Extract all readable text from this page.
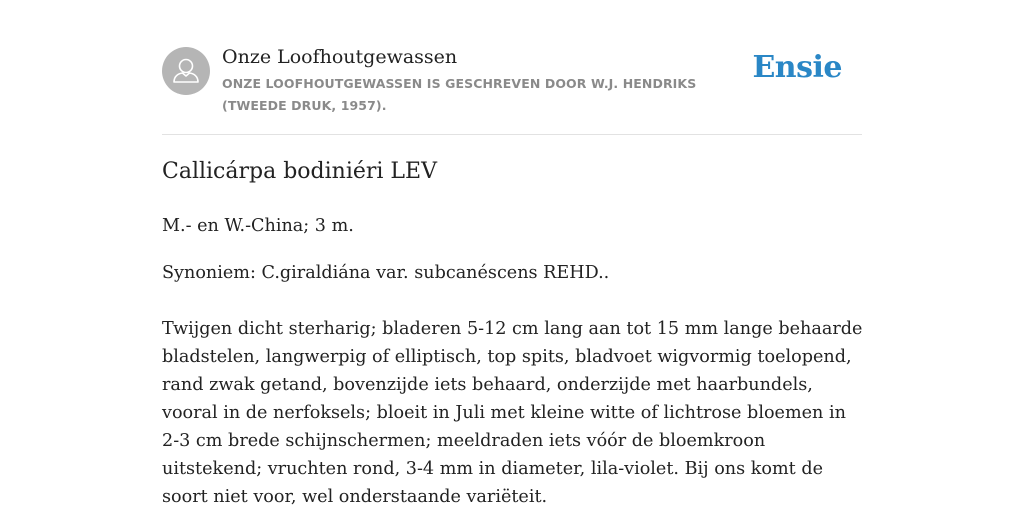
Onze Loofhoutgewassen
ONZE LOOFHOUTGEWASSEN IS GESCHREVEN DOOR W.J. HENDRIKS (TWEEDE DRUK, 1957).
Ensie
Callicárpa bodiniéri LEV
M.- en W.-China; 3 m.
Synoniem: C.giraldiána var. subcanéscens REHD..
Twijgen dicht sterharig; bladeren 5-12 cm lang aan tot 15 mm lange behaarde bladstelen, langwerpig of elliptisch, top spits, bladvoet wigvormig toelopend, rand zwak getand, bovenzijde iets behaard, onderzijde met haarbundels, vooral in de nerfoksels; bloeit in Juli met kleine witte of lichtrose bloemen in 2-3 cm brede schijnschermen; meeldraden iets vóór de bloemkroon uitstekend; vruchten rond, 3-4 mm in diameter, lila-violet. Bij ons komt de soort niet voor, wel onderstaande variëteit.
